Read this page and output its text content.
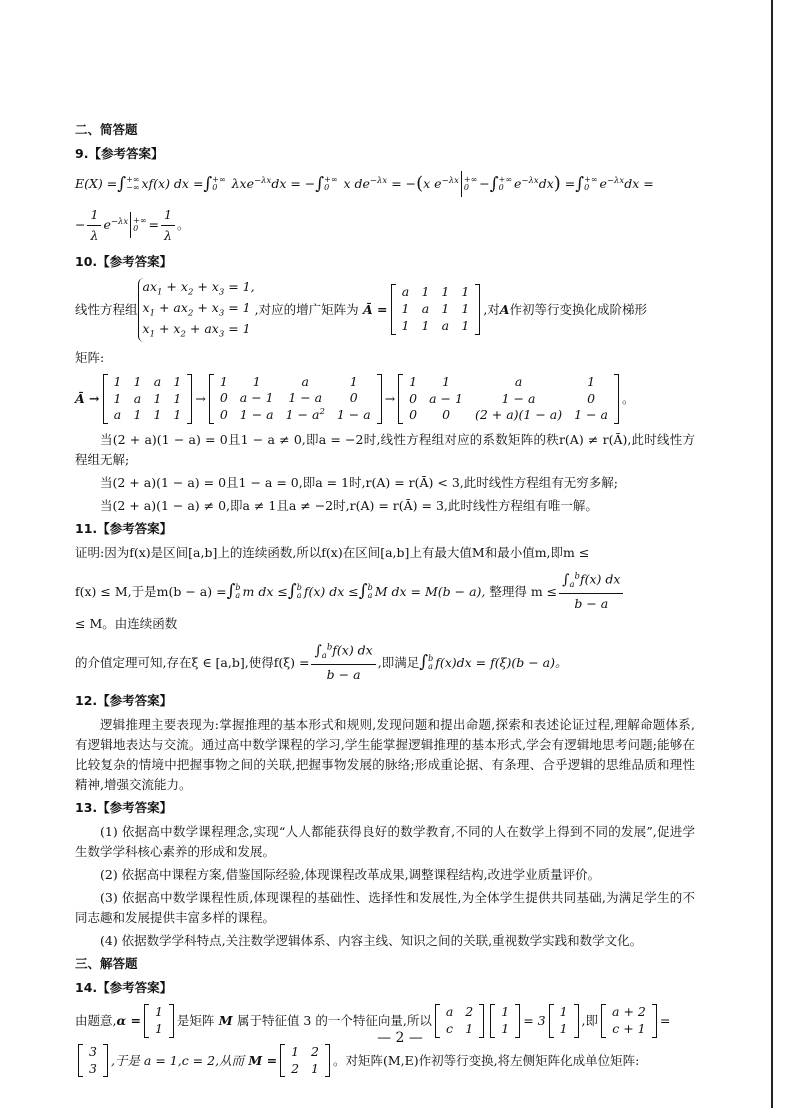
二、简答题
9.【参考答案】
E(X) = ∫ +∞
−∞ xf(x) dx = ∫ +∞
0 λxe$^{-\lambda x}$dx = − ∫ +∞
0 x $de^{-\lambda x}$ = − ( x $e^{-\lambda x}$ +∞
0 − ∫ +∞
0 $e^{-\lambda x}dx$ ) = ∫ +∞
0 $e^{-\lambda x}dx$ =
− $\frac{1}{\lambda} e^{-\lambda x}$ +∞
$0 = \frac{1}{\lambda}$ 。
10.【参考答案】
线性方程组
$ax_1 + x_2 + x_3 = 1$,
$x_1 + ax_2 + x_3 = 1$
$x_1 + x_2 + ax_3 = 1$
,对应的增广矩阵为 Ā =
a	1	1	1
1	a	1	1
1	1	a	1
,对 A 作初等行变换化成阶梯形
矩阵:
Ā →
1	1	a	1
1	a	1	1
a	1	1	1
→
1	1	a	1
0	a − 1	1 − a	0
0	1 − a	$1 - a^2$	1 − a
→
1	1	a	1
0	a − 1	1 − a	0
0	0	(2 + a)(1 − a)	1 − a
。
当(2 + a)(1 − a) = 0且1 − a ≠ 0,即a = −2时,线性方程组对应的系数矩阵的秩r(A) ≠ r(Ā),此时线性方程组无解;
当(2 + a)(1 − a) = 0且1 − a = 0,即a = 1时,r(A) = r(Ā) < 3,此时线性方程组有无穷多解;
当(2 + a)(1 − a) ≠ 0,即a ≠ 1且a ≠ −2时,r(A) = r(Ā) = 3,此时线性方程组有唯一解。
11.【参考答案】
证明:因为f(x)是区间[a,b]上的连续函数,所以f(x)在区间[a,b]上有最大值M和最小值m,即m ≤
f(x) ≤ M,于是m(b − a) = ∫ b
a m dx ≤ ∫ b
a f(x) dx ≤ ∫ b
a M dx = M(b − a), 整理得 $m \le \frac{\int_a^bf(x) dx}{b - a}$
≤ M。由连续函数
的介值定理可知,存在ξ ∈ [a,b],使得$f(\xi) = \frac{\int_a^bf(x) dx}{b - a}$ ,即满足 ∫ b
a f(x)dx = f(ξ)(b − a)。
12.【参考答案】
逻辑推理主要表现为:掌握推理的基本形式和规则,发现问题和提出命题,探索和表述论证过程,理解命题体系,有逻辑地表达与交流。通过高中数学课程的学习,学生能掌握逻辑推理的基本形式,学会有逻辑地思考问题;能够在比较复杂的情境中把握事物之间的关联,把握事物发展的脉络;形成重论据、有条理、合乎逻辑的思维品质和理性精神,增强交流能力。
13.【参考答案】
(1) 依据高中数学课程理念,实现“人人都能获得良好的数学教育,不同的人在数学上得到不同的发展”,促进学生数学学科核心素养的形成和发展。
(2) 依据高中课程方案,借鉴国际经验,体现课程改革成果,调整课程结构,改进学业质量评价。
(3) 依据高中数学课程性质,体现课程的基础性、选择性和发展性,为全体学生提供共同基础,为满足学生的不同志趣和发展提供丰富多样的课程。
(4) 依据数学学科特点,关注数学逻辑体系、内容主线、知识之间的关联,重视数学实践和数学文化。
三、解答题
14.【参考答案】
由题意, α =
1
1
是矩阵 M 属于特征值 3 的一个特征向量,所以
a	2
c	1
1
1
= 3
1
1
,即
a + 2
c + 1
=
3
3
,于是 a = 1,c = 2,从而 M =
1	2
2	1
。对矩阵(M,E)作初等行变换,将左侧矩阵化成单位矩阵:
— 2 —
